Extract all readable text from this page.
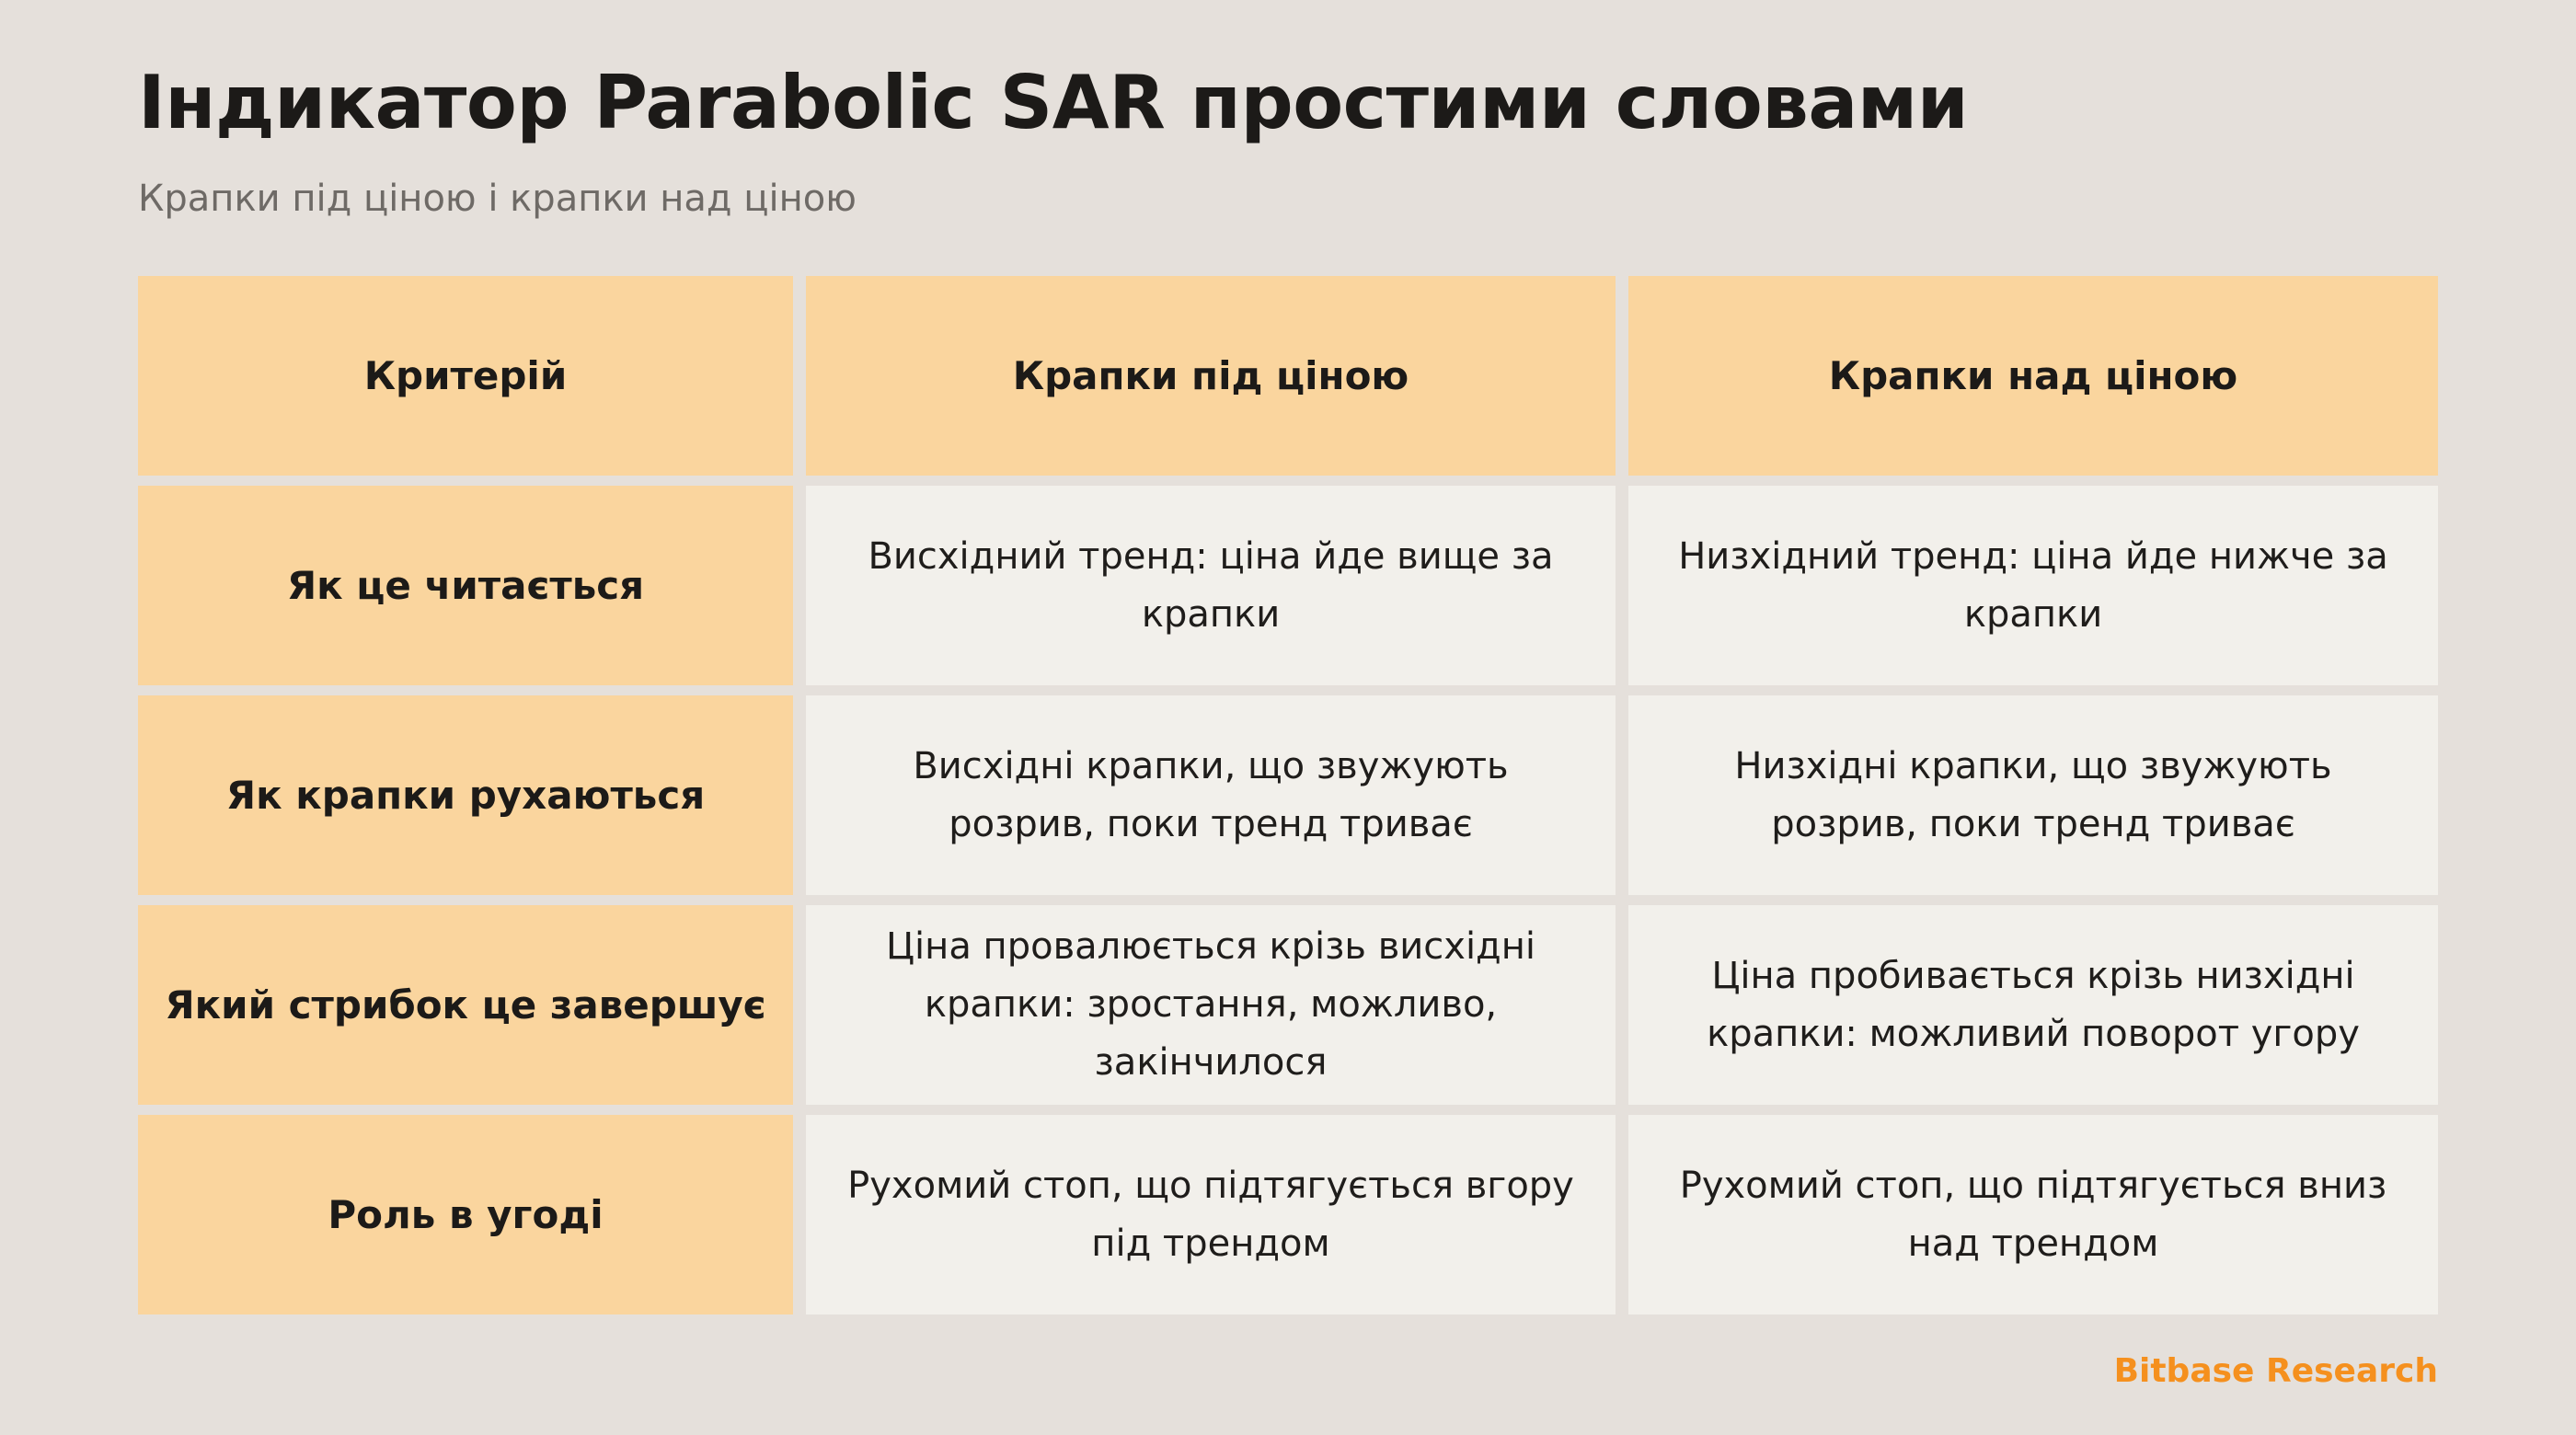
Індикатор Parabolic SAR простими словами

Крапки під ціною і крапки над ціною

Критерій	Крапки під ціною	Крапки над ціною
Як це читається
Висхідний тренд: ціна йде вище за крапки
Низхідний тренд: ціна йде нижче за крапки
Як крапки рухаються
Висхідні крапки, що звужують розрив, поки тренд триває
Низхідні крапки, що звужують розрив, поки тренд триває
Який стрибок це завершує
Ціна провалюється крізь висхідні крапки: зростання, можливо, закінчилося
Ціна пробивається крізь низхідні крапки: можливий поворот угору
Роль в угоді
Рухомий стоп, що підтягується вгору під трендом
Рухомий стоп, що підтягується вниз над трендом

Bitbase Research
